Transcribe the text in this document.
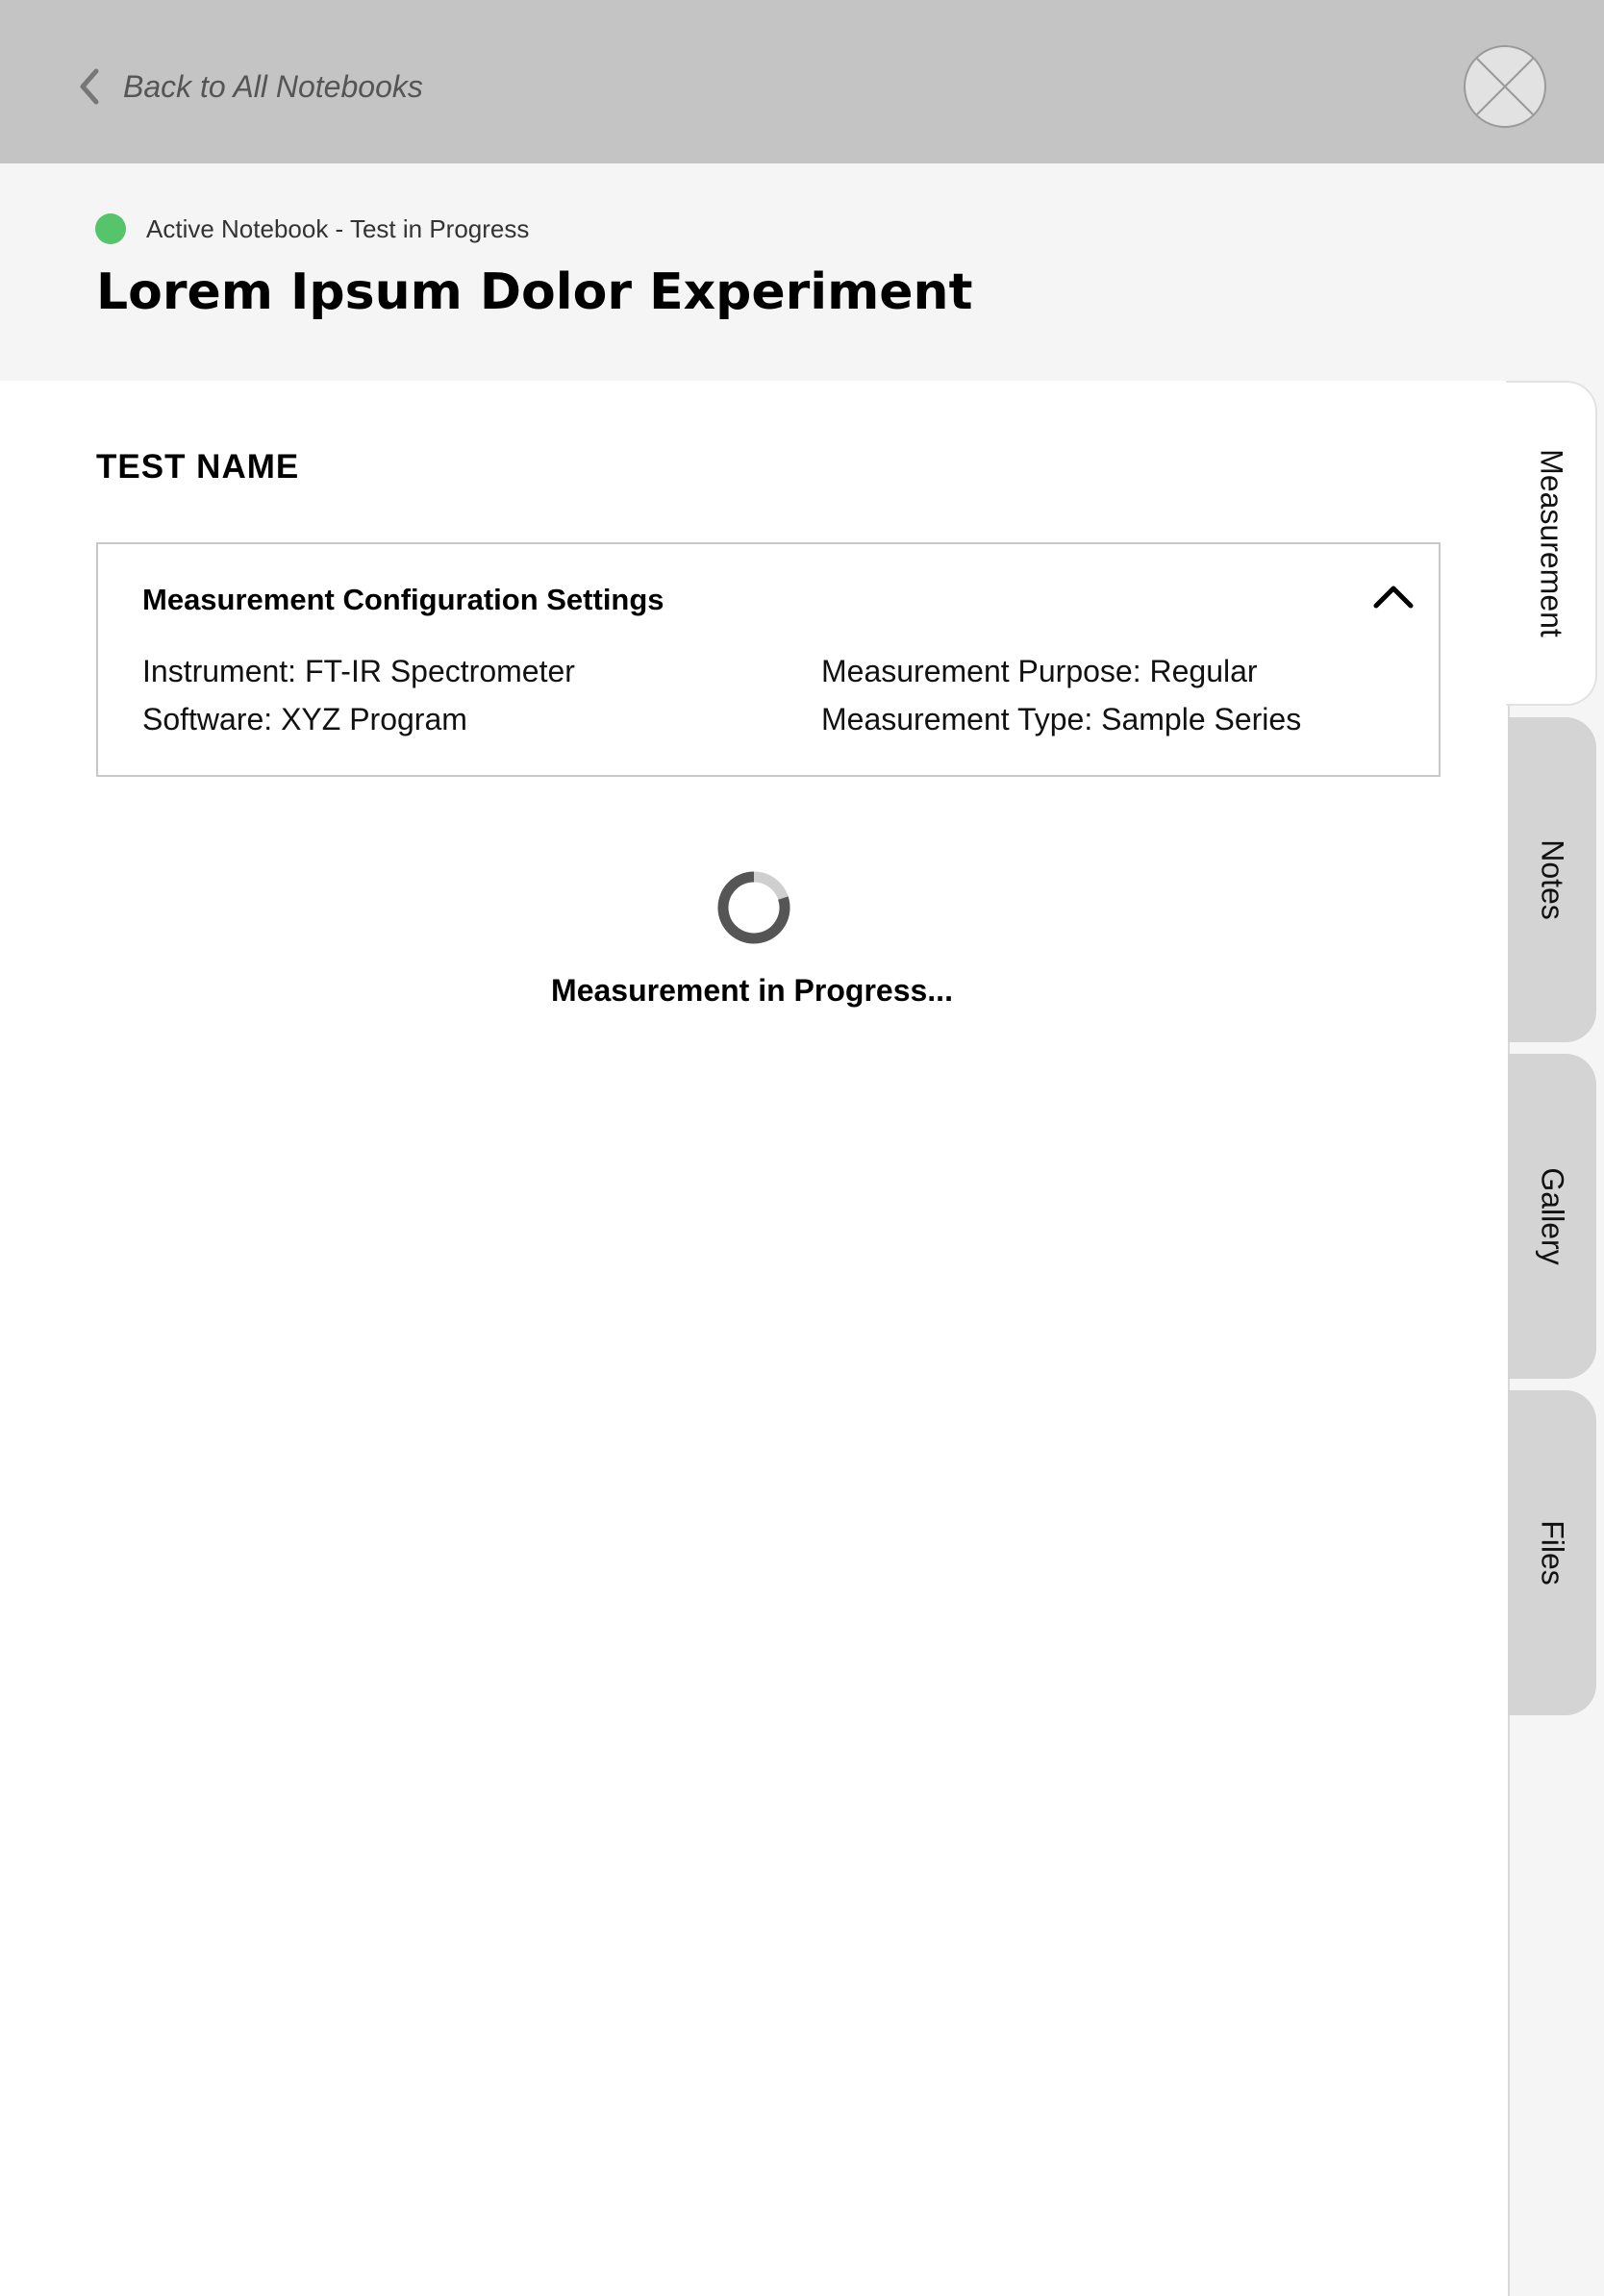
Back to All Notebooks
Active Notebook - Test in Progress
Lorem Ipsum Dolor Experiment
TEST NAME
Measurement Configuration Settings
Instrument: FT-IR Spectrometer
Software: XYZ Program
Measurement Purpose: Regular
Measurement Type: Sample Series
Measurement in Progress...
Measurement
Notes
Gallery
Files
